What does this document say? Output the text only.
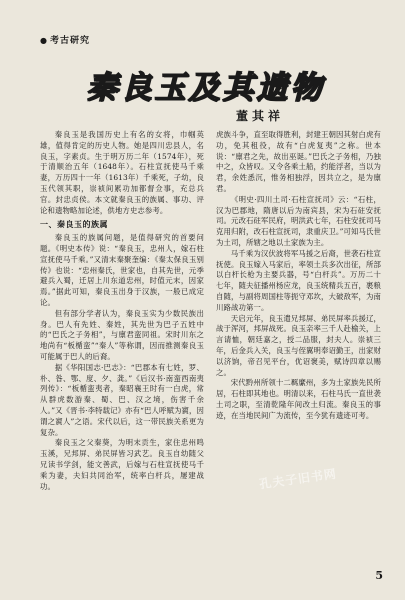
● 考古研究
秦良玉及其遗物
董其祥

秦良玉是我国历史上有名的女将，巾帼英雄，值得肯定的历史人物。她是四川忠县人，名良玉，字素贞。生于明万历二年（1574年），死于清顺治五年（1648年）。石柱宣抚使马千乘妻，万历四十一年（1613年）千乘死，子幼，良玉代领其职，崇祯间累功加都督佥事，充总兵官。封忠贞侯。本文就秦良玉的族属、事功、评论和遗物略加论述，供地方史志参考。

一、秦良玉的族属

秦良玉的族属问题，是值得研究的首要问题。《明史本传》说：“秦良玉，忠州人，嫁石柱宣抚使马千乘。”又清末秦聚奎编：《秦太保良玉别传》也说：“忠州秦氏，世家也，自其先世，元季避兵入蜀，迁居上川东道忠州，时值元末，因家焉。”据此可知，秦良玉出身于汉族，一般已成定论。

但有部分学者认为，秦良玉实为少数民族出身。巴人有先姓、秦姓，其先世为巴子五姓中的“巴氏之子务相”，与廪君蛮同祖。宋时川东之地尚有“板楯蛮”“秦人”等称谓，因而推测秦良玉可能属于巴人的后裔。

据《华阳国志·巴志》：“巴郡本有七姓，罗、朴、昝、鄂、度、夕、龚。”《后汉书·南蛮西南夷列传》：“板楯蛮夷者，秦昭襄王时有一白虎，常从群虎数游秦、蜀、巴、汉之境，伤害千余人。”又《晋书·李特载记》亦有“巴人呼赋为賨，因谓之賨人”之语。宋代以后，这一带民族关系更为复杂。

秦良玉之父秦葵，为明末贡生，家住忠州鸣玉溪，兄邦屏、弟民屏皆习武艺。良玉自幼随父兄读书学剑，能文善武，后嫁与石柱宣抚使马千乘为妻，夫妇共同治军，统率白杆兵，屡建战功。

虎族斗争，直至取得胜利，封建王朝因其射白虎有功，免其租役，故有“白虎复夷”之称。世本说：“廪君之先，故出巫诞。”巴氏之子务相，乃独中之，众皆叹。又令各乘土船，约能浮者，当以为君，余姓悉沉，惟务相独浮，因共立之，是为廪君。

《明史·四川土司·石柱宣抚司》云：“石柱，汉为巴郡地，隋唐以后为南宾县，宋为石砫安抚司。元改石砫军民府，明洪武七年，石柱安抚司马克用归附，改石柱宣抚司，隶重庆卫。”可知马氏世为土司，所辖之地以土家族为主。

马千乘为汉伏波将军马援之后裔，世袭石柱宣抚使。良玉嫁入马家后，率领土兵多次出征，所部以白杆长枪为主要兵器，号“白杆兵”。万历二十七年，随夫征播州杨应龙，良玉统精兵五百，裹粮自随，与副将周国柱等扼守邓坎，大破敌军，为南川路战功第一。

天启元年，良玉遣兄邦屏、弟民屏率兵援辽，战于浑河，邦屏战死。良玉亲率三千人赴榆关，上言请恤，朝廷嘉之，授二品服，封夫人。崇祯三年，后金兵入关，良玉与侄翼明奉诏勤王，出家财以济饷，帝召见平台，优诏褒美，赋诗四章以赐之。

宋代黔州所领十二羁縻州，多为土家族先民所居，石柱即其地也。明清以来，石柱马氏一直世袭土司之职，至清乾隆年间改土归流。秦良玉的事迹，在当地民间广为流传，至今犹有遗迹可考。

孔夫子旧书网
5
